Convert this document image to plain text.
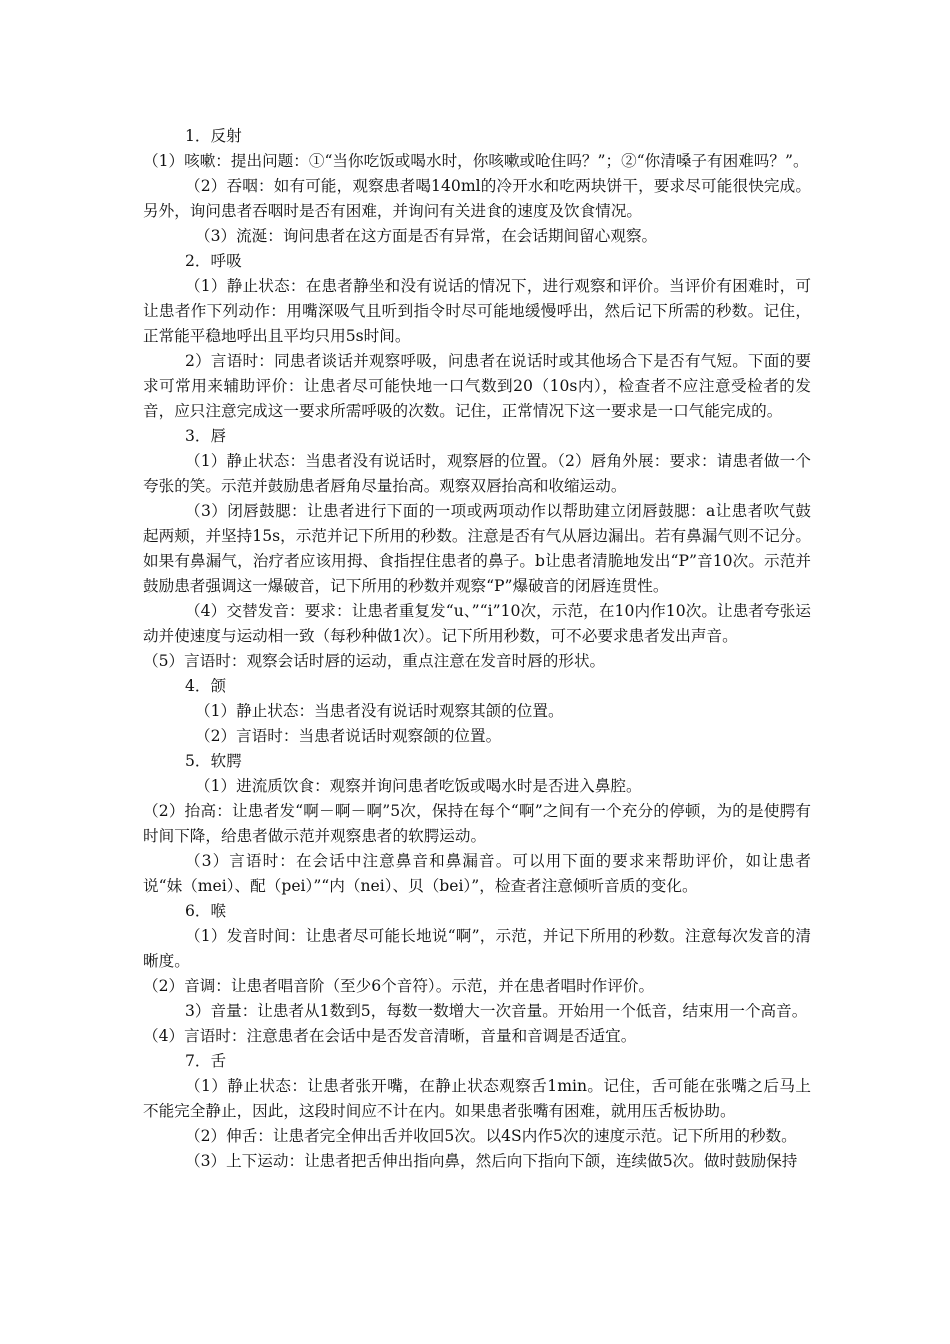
1．反射

（1）咳嗽：提出问题：①“当你吃饭或喝水时，你咳嗽或呛住吗？”；②“你清嗓子有困难吗？”。

（2）吞咽：如有可能，观察患者喝140ml的冷开水和吃两块饼干，要求尽可能很快完成。另外，询问患者吞咽时是否有困难，并询问有关进食的速度及饮食情况。

（3）流涎：询问患者在这方面是否有异常，在会话期间留心观察。

2．呼吸

（1）静止状态：在患者静坐和没有说话的情况下，进行观察和评价。当评价有困难时，可让患者作下列动作：用嘴深吸气且听到指令时尽可能地缓慢呼出，然后记下所需的秒数。记住，正常能平稳地呼出且平均只用5s时间。

2）言语时：同患者谈话并观察呼吸，问患者在说话时或其他场合下是否有气短。下面的要求可常用来辅助评价：让患者尽可能快地一口气数到20（10s内），检查者不应注意受检者的发音，应只注意完成这一要求所需呼吸的次数。记住，正常情况下这一要求是一口气能完成的。

3．唇

（1）静止状态：当患者没有说话时，观察唇的位置。（2）唇角外展：要求：请患者做一个夸张的笑。示范并鼓励患者唇角尽量抬高。观察双唇抬高和收缩运动。

（3）闭唇鼓腮：让患者进行下面的一项或两项动作以帮助建立闭唇鼓腮：a让患者吹气鼓起两颊，并坚持15s，示范并记下所用的秒数。注意是否有气从唇边漏出。若有鼻漏气则不记分。如果有鼻漏气，治疗者应该用拇、食指捏住患者的鼻子。b让患者清脆地发出“P”音10次。示范并鼓励患者强调这一爆破音，记下所用的秒数并观察“P”爆破音的闭唇连贯性。

（4）交替发音：要求：让患者重复发“u、”“i”10次，示范，在10内作10次。让患者夸张运动并使速度与运动相一致（每秒种做1次）。记下所用秒数，可不必要求患者发出声音。

（5）言语时：观察会话时唇的运动，重点注意在发音时唇的形状。

4．颌

（1）静止状态：当患者没有说话时观察其颌的位置。

（2）言语时：当患者说话时观察颌的位置。

5．软腭

（1）进流质饮食：观察并询问患者吃饭或喝水时是否进入鼻腔。

（2）抬高：让患者发“啊－啊－啊”5次，保持在每个“啊”之间有一个充分的停顿，为的是使腭有时间下降，给患者做示范并观察患者的软腭运动。

（3）言语时：在会话中注意鼻音和鼻漏音。可以用下面的要求来帮助评价，如让患者说“妹（mei）、配（pei）”“内（nei）、贝（bei）”，检查者注意倾听音质的变化。

6．喉

（1）发音时间：让患者尽可能长地说“啊”，示范，并记下所用的秒数。注意每次发音的清晰度。

（2）音调：让患者唱音阶（至少6个音符）。示范，并在患者唱时作评价。

3）音量：让患者从1数到5，每数一数增大一次音量。开始用一个低音，结束用一个高音。

（4）言语时：注意患者在会话中是否发音清晰，音量和音调是否适宜。

7．舌

（1）静止状态：让患者张开嘴，在静止状态观察舌1min。记住，舌可能在张嘴之后马上不能完全静止，因此，这段时间应不计在内。如果患者张嘴有困难，就用压舌板协助。

（2）伸舌：让患者完全伸出舌并收回5次。以4S内作5次的速度示范。记下所用的秒数。

（3）上下运动：让患者把舌伸出指向鼻，然后向下指向下颌，连续做5次。做时鼓励保持
